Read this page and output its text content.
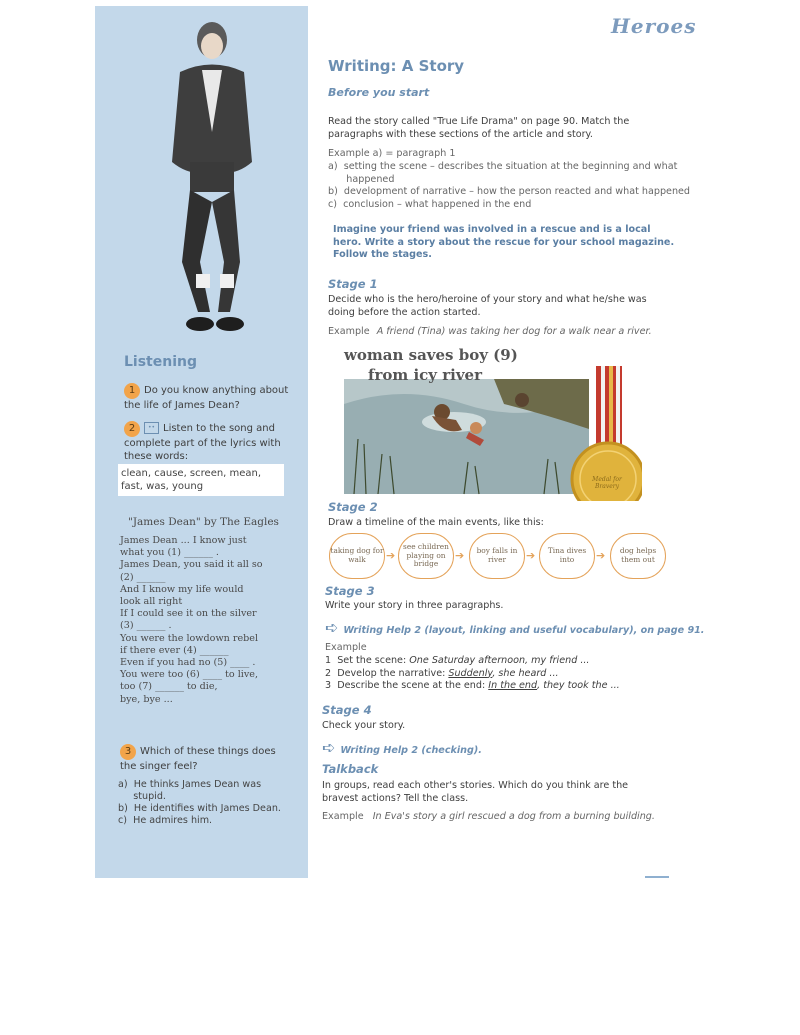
Heroes
Listening
1 Do you know anything about the life of James Dean?
2 •• Listen to the song and complete part of the lyrics with these words:
clean, cause, screen, mean, fast, was, young
"James Dean" by The Eagles
James Dean ... I know just
what you (1) ______ .
James Dean, you said it all so
(2) ______
And I know my life would
look all right
If I could see it on the silver
(3) ______ .
You were the lowdown rebel
if there ever (4) ______
Even if you had no (5) ____ .
You were too (6) ____ to live,
too (7) ______ to die,
bye, bye ...
3 Which of these things does the singer feel?
a)  He thinks James Dean was
stupid.
b)  He identifies with James Dean.
c)  He admires him.
Writing: A Story
Before you start
Read the story called "True Life Drama" on page 90. Match the paragraphs with these sections of the article and story.
Example a) = paragraph 1
a)  setting the scene – describes the situation at the beginning and what
happened
b)  development of narrative – how the person reacted and what happened
c)  conclusion – what happened in the end
Imagine your friend was involved in a rescue and is a local hero. Write a story about the rescue for your school magazine. Follow the stages.
Stage 1
Decide who is the hero/heroine of your story and what he/she was doing before the action started.
Example A friend (Tina) was taking her dog for a walk near a river.
woman saves boy (9)
from icy river
Medal for Bravery
Stage 2
Draw a timeline of the main events, like this:
taking dog for walk	➔
see children playing on bridge
➔	boy falls in river	➔	Tina dives into	➔	dog helps them out
Stage 3
Write your story in three paragraphs.
➪ Writing Help 2 (layout, linking and useful vocabulary), on page 91.
Example
1  Set the scene: One Saturday afternoon, my friend ...
2  Develop the narrative: Suddenly, she heard ...
3  Describe the scene at the end: In the end, they took the ...
Stage 4
Check your story.
➪ Writing Help 2 (checking).
Talkback
In groups, read each other's stories. Which do you think are the bravest actions? Tell the class.
Example In Eva's story a girl rescued a dog from a burning building.
